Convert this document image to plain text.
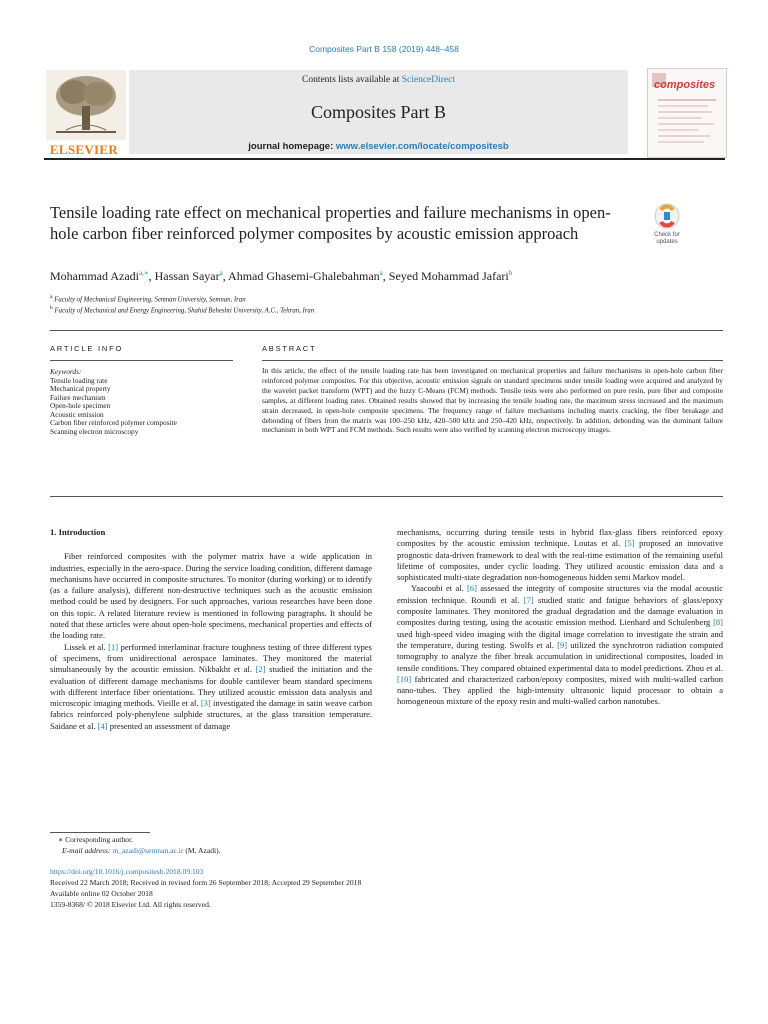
Composites Part B 158 (2019) 448–458
ELSEVIER
Contents lists available at ScienceDirect
Composites Part B
journal homepage: www.elsevier.com/locate/compositesb
composites
Tensile loading rate effect on mechanical properties and failure mechanisms in open-hole carbon fiber reinforced polymer composites by acoustic emission approach	Check for
updates
Mohammad Azadi$^{a,∗}$, Hassan Sayar$^a$, Ahmad Ghasemi-Ghalebahman$^a$, Seyed Mohammad Jafari$^b$
$^a$ Faculty of Mechanical Engineering, Semnan University, Semnan, Iran
$^b$ Faculty of Mechanical and Energy Engineering, Shahid Beheshti University, A.C., Tehran, Iran
ARTICLE INFO	ABSTRACT
Keywords:
Tensile loading rate
Mechanical property
Failure mechanism
Open-hole specimen
Acoustic emission
Carbon fiber reinforced polymer composite
Scanning electron microscopy
In this article, the effect of the tensile loading rate has been investigated on mechanical properties and failure mechanisms in open-hole carbon fiber reinforced polymer composites. For this objective, acoustic emission signals on standard specimens under tensile loading were acquired and analyzed by the wavelet packet transform (WPT) and the fuzzy C-Means (FCM) methods. Tensile tests were also performed on pure resin, pure fiber and composite samples, at different loading rates. Obtained results showed that by increasing the tensile loading rate, the maximum stress increased and the maximum strain decreased, in open-hole composite specimens. The frequency range of failure mechanisms including matrix cracking, the fiber breakage and debonding of fibers from the matrix was 100–250 kHz, 420–500 kHz and 250–420 kHz, respectively. In addition, debonding was the dominant failure mechanism in both WPT and FCM methods. Such results were also verified by scanning electron microscopy images.

1. Introduction

Fiber reinforced composites with the polymer matrix have a wide application in industries, especially in the aero-space. During the service loading condition, different damage mechanisms have occurred in composite structures. To monitor (during working) or to identify (as a failure analysis), different non-destructive techniques such as the acoustic emission method could be used by designers. For such approaches, various researches have been done on this topic. A related literature review is mentioned in following paragraphs. It should be noted that these articles were about open-hole specimens, mechanical properties and effects of the loading rate.

Lissek et al. [1] performed interlaminar fracture toughness testing of three different types of specimens, from unidirectional aerospace laminates. They monitored the material simultaneously by the acoustic emission. Nikbakht et al. [2] studied the initiation and the evaluation of different damage mechanisms for double cantilever beam standard specimens with different interface fiber orientations. They utilized acoustic emission data analysis and microscopic imaging methods. Vieille et al. [3] investigated the damage in satin weave carbon fabrics reinforced poly-phenylene sulphide structures, at the glass transition temperature. Saidane et al. [4] presented an assessment of damage

mechanisms, occurring during tensile tests in hybrid flax-glass fibers reinforced epoxy composites by the acoustic emission technique. Loutas et al. [5] proposed an innovative prognostic data-driven framework to deal with the real-time estimation of the remaining useful lifetime of composites, under cyclic loading. They utilized acoustic emission data and a sophisticated multi-state degradation non-homogeneous hidden semi Markov model.

Yaacoubi et al. [6] assessed the integrity of composite structures via the modal acoustic emission technique. Roundi et al. [7] studied static and fatigue behaviors of glass/epoxy composite laminates. They monitored the gradual degradation and the damage evaluation in composites during testing, using the acoustic emission method. Lienhard and Schulenberg [8] used high-speed video imaging with the digital image correlation to investigate the strain and the temperature, during testing. Swolfs et al. [9] utilized the synchrotron radiation computed tomography to analyze the fiber break accumulation in unidirectional composites, loaded in tensile conditions. They compared obtained experimental data to model predictions. Zhou et al. [10] fabricated and characterized carbon/epoxy composites, mixed with multi-walled carbon nano-tubes. They applied the high-intensity ultrasonic liquid processor to obtain a homogeneous mixture of the epoxy resin and multi-walled carbon nanotubes.

∗ Corresponding author.
E-mail address: m_azadi@semnan.ac.ir (M. Azadi).
https://doi.org/10.1016/j.compositesb.2018.09.103
Received 22 March 2018; Received in revised form 26 September 2018; Accepted 29 September 2018
Available online 02 October 2018
1359-8368/ © 2018 Elsevier Ltd. All rights reserved.
